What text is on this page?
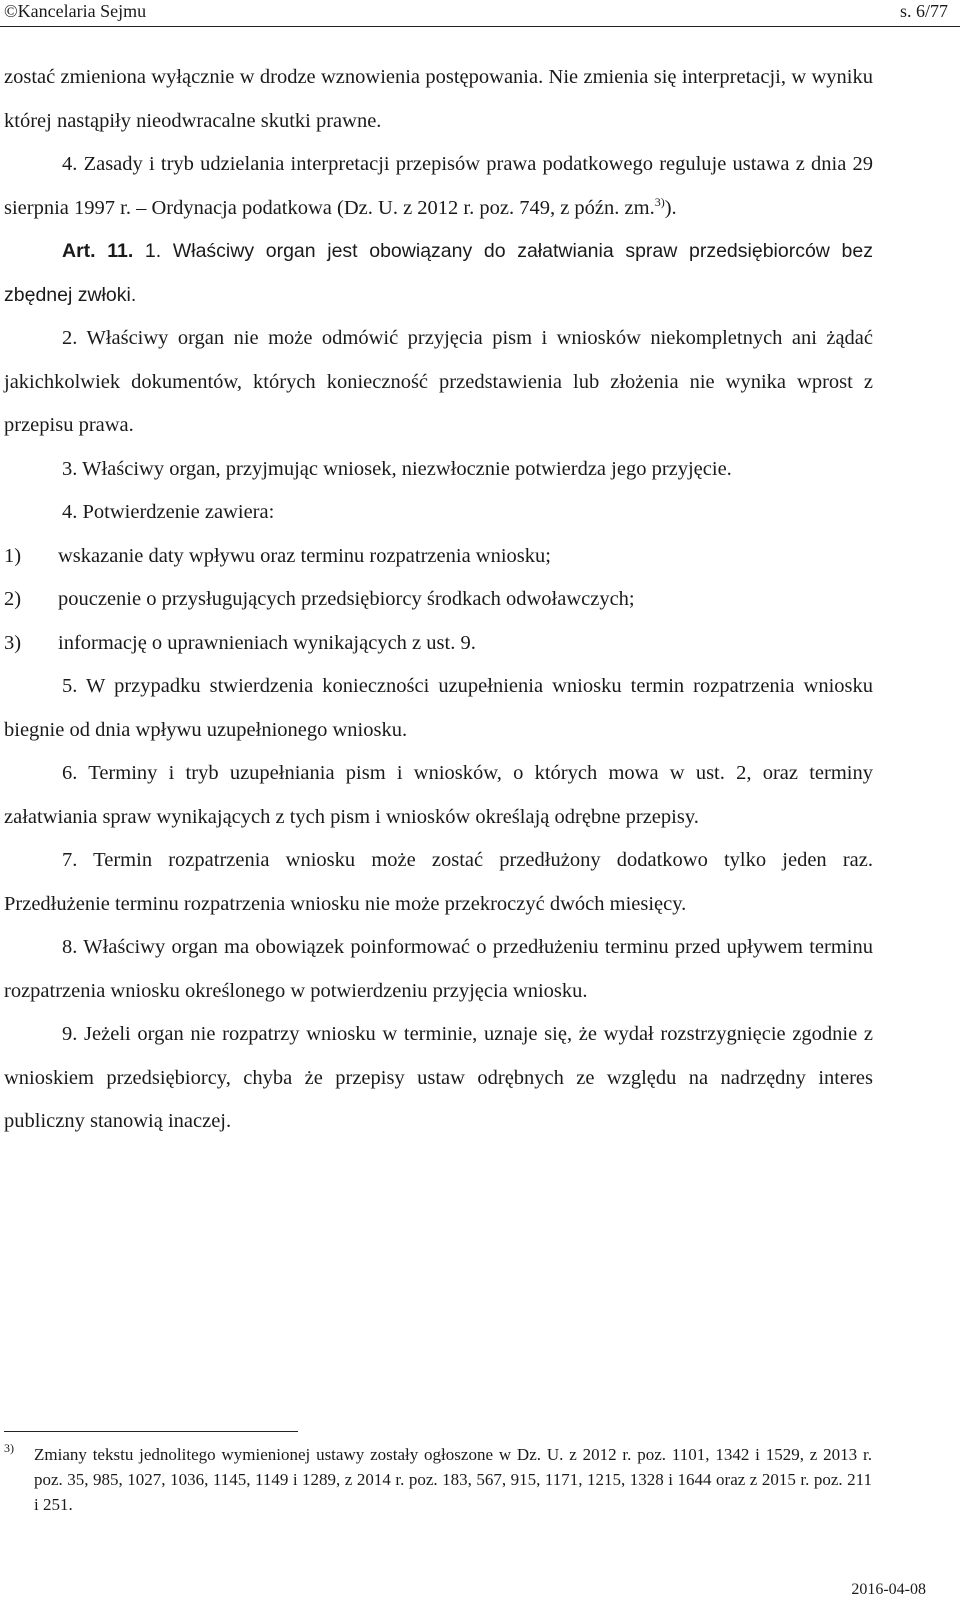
©Kancelaria Sejmu	s. 6/77

zostać zmieniona wyłącznie w drodze wznowienia postępowania. Nie zmienia się interpretacji, w wyniku której nastąpiły nieodwracalne skutki prawne.

4. Zasady i tryb udzielania interpretacji przepisów prawa podatkowego reguluje ustawa z dnia 29 sierpnia 1997 r. – Ordynacja podatkowa (Dz. U. z 2012 r. poz. 749, z późn. zm.$^{3)}$).

Art. 11. 1. Właściwy organ jest obowiązany do załatwiania spraw przedsiębiorców bez zbędnej zwłoki.

2. Właściwy organ nie może odmówić przyjęcia pism i wniosków niekompletnych ani żądać jakichkolwiek dokumentów, których konieczność przedstawienia lub złożenia nie wynika wprost z przepisu prawa.

3. Właściwy organ, przyjmując wniosek, niezwłocznie potwierdza jego przyjęcie.

4. Potwierdzenie zawiera:

1)	wskazanie daty wpływu oraz terminu rozpatrzenia wniosku;
2)	pouczenie o przysługujących przedsiębiorcy środkach odwoławczych;
3)	informację o uprawnieniach wynikających z ust. 9.

5. W przypadku stwierdzenia konieczności uzupełnienia wniosku termin rozpatrzenia wniosku biegnie od dnia wpływu uzupełnionego wniosku.

6. Terminy i tryb uzupełniania pism i wniosków, o których mowa w ust. 2, oraz terminy załatwiania spraw wynikających z tych pism i wniosków określają odrębne przepisy.

7. Termin rozpatrzenia wniosku może zostać przedłużony dodatkowo tylko jeden raz. Przedłużenie terminu rozpatrzenia wniosku nie może przekroczyć dwóch miesięcy.

8. Właściwy organ ma obowiązek poinformować o przedłużeniu terminu przed upływem terminu rozpatrzenia wniosku określonego w potwierdzeniu przyjęcia wniosku.

9. Jeżeli organ nie rozpatrzy wniosku w terminie, uznaje się, że wydał rozstrzygnięcie zgodnie z wnioskiem przedsiębiorcy, chyba że przepisy ustaw odrębnych ze względu na nadrzędny interes publiczny stanowią inaczej.

3) Zmiany tekstu jednolitego wymienionej ustawy zostały ogłoszone w Dz. U. z 2012 r. poz. 1101, 1342 i 1529, z 2013 r. poz. 35, 985, 1027, 1036, 1145, 1149 i 1289, z 2014 r. poz. 183, 567, 915, 1171, 1215, 1328 i 1644 oraz z 2015 r. poz. 211 i 251.
2016-04-08
